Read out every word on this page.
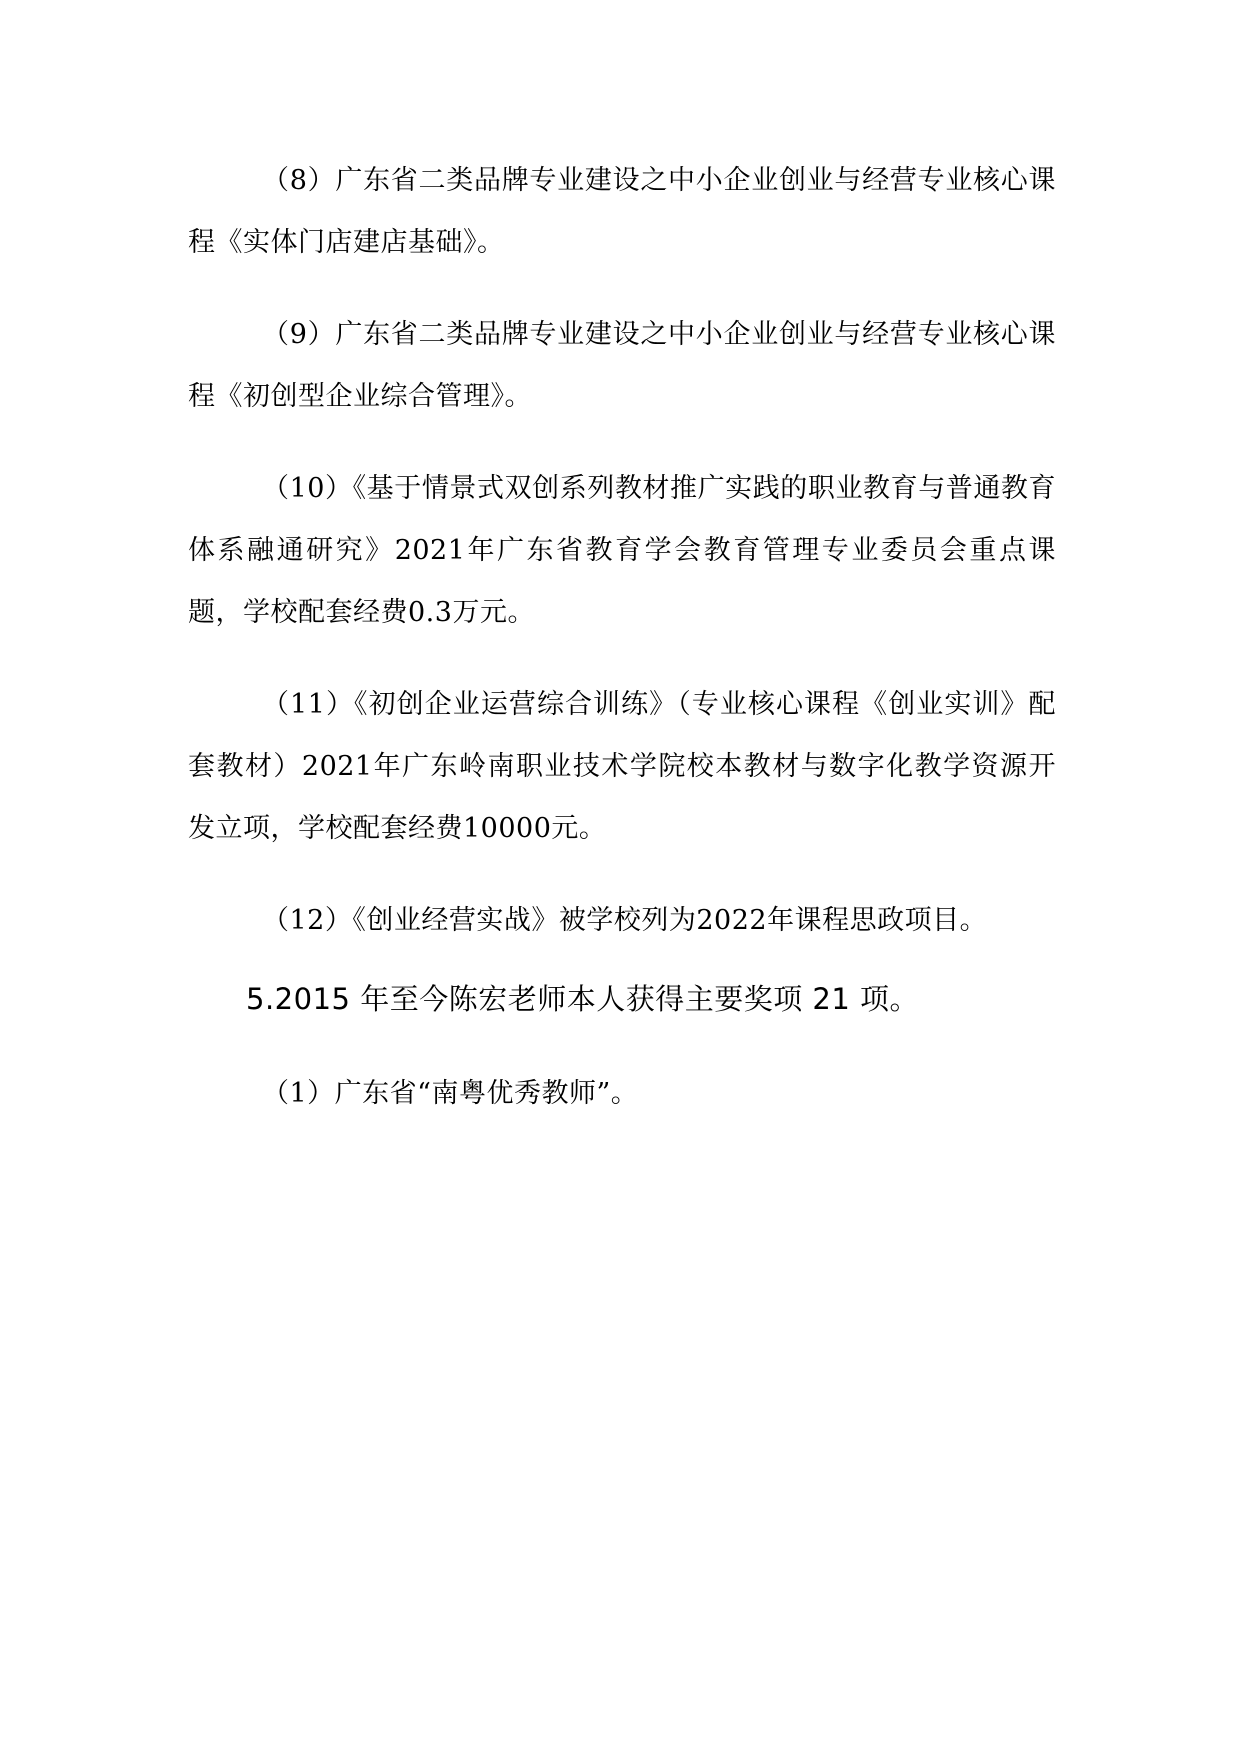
（8）广东省二类品牌专业建设之中小企业创业与经营专业核心课程《实体门店建店基础》。

（9）广东省二类品牌专业建设之中小企业创业与经营专业核心课程《初创型企业综合管理》。

（10）《基于情景式双创系列教材推广实践的职业教育与普通教育体系融通研究》2021年广东省教育学会教育管理专业委员会重点课题，学校配套经费0.3万元。

（11）《初创企业运营综合训练》（专业核心课程《创业实训》配套教材）2021年广东岭南职业技术学院校本教材与数字化教学资源开发立项，学校配套经费10000元。

（12）《创业经营实战》被学校列为2022年课程思政项目。

5.2015 年至今陈宏老师本人获得主要奖项 21 项。

（1）广东省“南粤优秀教师”。
